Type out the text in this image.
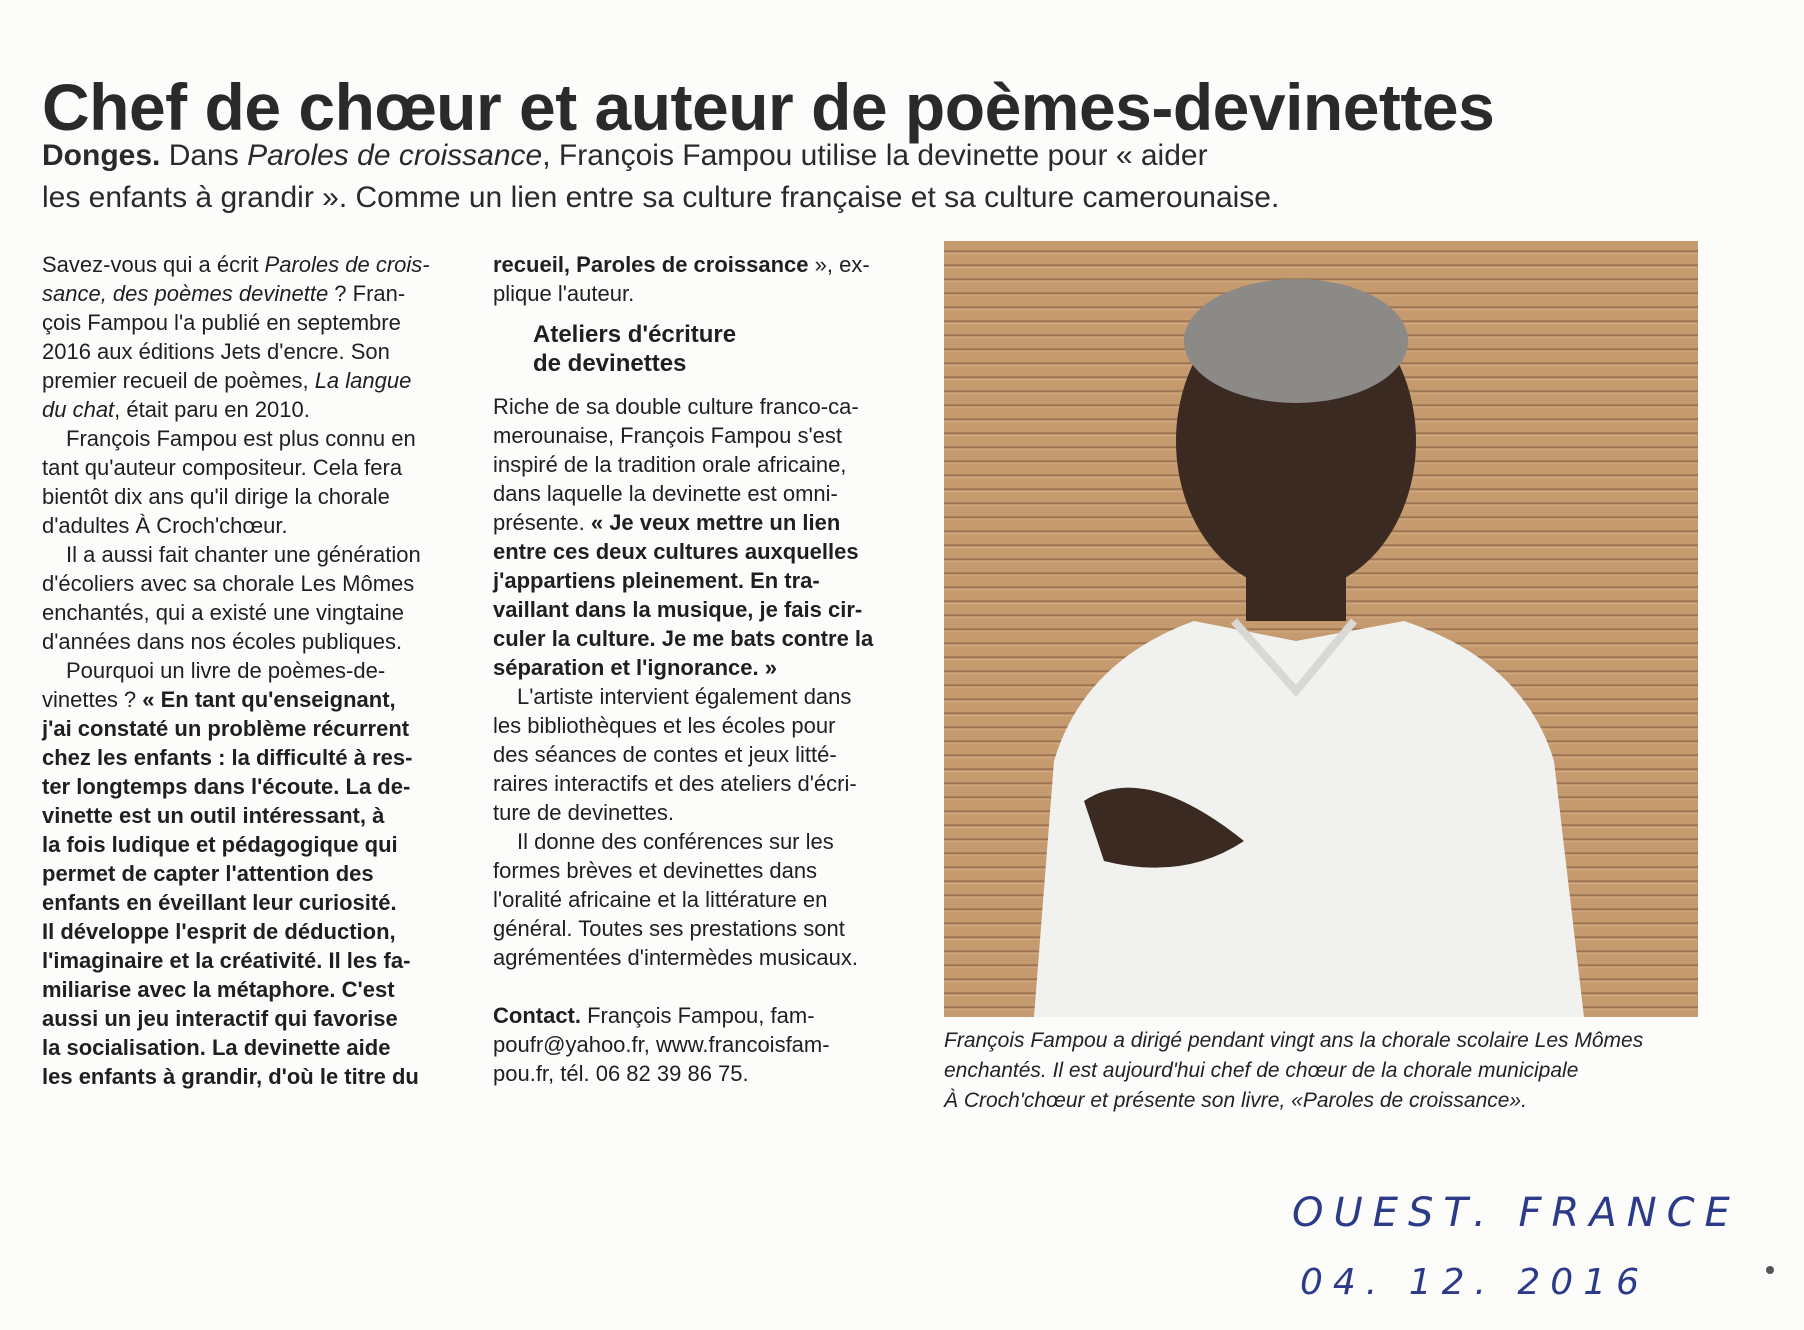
Chef de chœur et auteur de poèmes-devinettes
Donges. Dans Paroles de croissance, François Fampou utilise la devinette pour « aider
les enfants à grandir ». Comme un lien entre sa culture française et sa culture camerounaise.
Savez-vous qui a écrit Paroles de crois-
sance, des poèmes devinette ? Fran-
çois Fampou l'a publié en septembre
2016 aux éditions Jets d'encre. Son
premier recueil de poèmes, La langue
du chat, était paru en 2010.
François Fampou est plus connu en
tant qu'auteur compositeur. Cela fera
bientôt dix ans qu'il dirige la chorale
d'adultes À Croch'chœur.
Il a aussi fait chanter une génération
d'écoliers avec sa chorale Les Mômes
enchantés, qui a existé une vingtaine
d'années dans nos écoles publiques.
Pourquoi un livre de poèmes-de-
vinettes ? « En tant qu'enseignant,
j'ai constaté un problème récurrent
chez les enfants : la difficulté à res-
ter longtemps dans l'écoute. La de-
vinette est un outil intéressant, à
la fois ludique et pédagogique qui
permet de capter l'attention des
enfants en éveillant leur curiosité.
Il développe l'esprit de déduction,
l'imaginaire et la créativité. Il les fa-
miliarise avec la métaphore. C'est
aussi un jeu interactif qui favorise
la socialisation. La devinette aide
les enfants à grandir, d'où le titre du
recueil, Paroles de croissance », ex-
plique l'auteur.
Ateliers d'écriture
de devinettes
Riche de sa double culture franco-ca-
merounaise, François Fampou s'est
inspiré de la tradition orale africaine,
dans laquelle la devinette est omni-
présente. « Je veux mettre un lien
entre ces deux cultures auxquelles
j'appartiens pleinement. En tra-
vaillant dans la musique, je fais cir-
culer la culture. Je me bats contre la
séparation et l'ignorance. »
L'artiste intervient également dans
les bibliothèques et les écoles pour
des séances de contes et jeux litté-
raires interactifs et des ateliers d'écri-
ture de devinettes.
Il donne des conférences sur les
formes brèves et devinettes dans
l'oralité africaine et la littérature en
général. Toutes ses prestations sont
agrémentées d'intermèdes musicaux.
Contact. François Fampou, fam-
poufr@yahoo.fr, www.francoisfam-
pou.fr, tél. 06 82 39 86 75.
François Fampou a dirigé pendant vingt ans la chorale scolaire Les Mômes
enchantés. Il est aujourd'hui chef de chœur de la chorale municipale
À Croch'chœur et présente son livre, «Paroles de croissance».
OUEST. FRANCE
04. 12. 2016
